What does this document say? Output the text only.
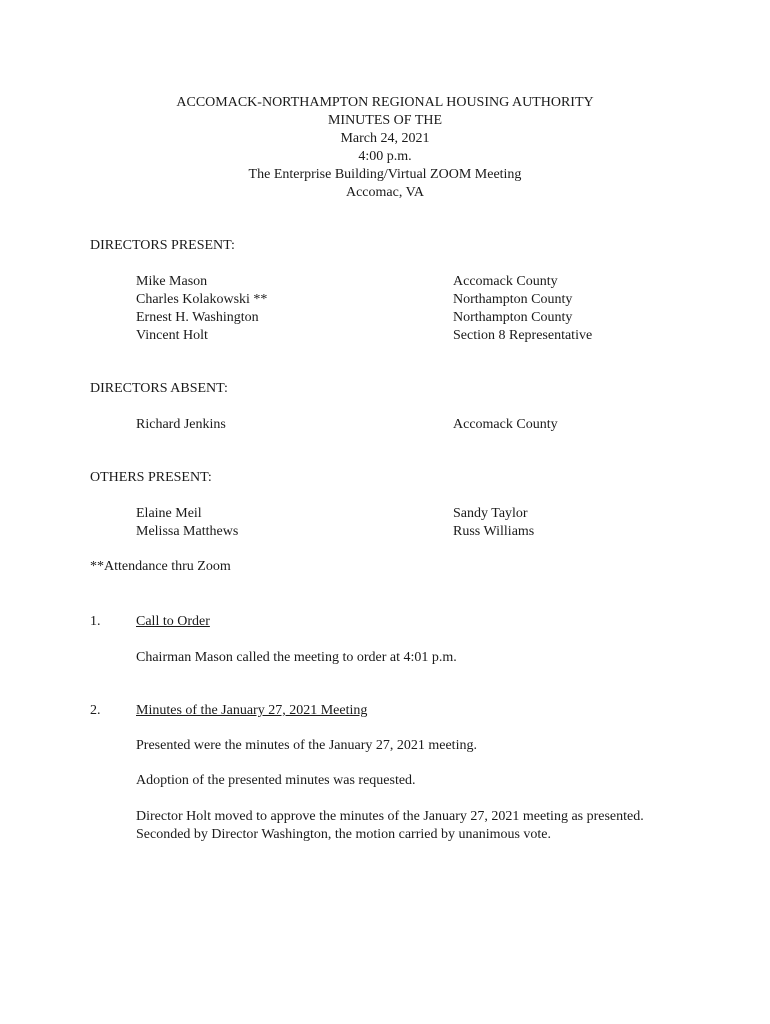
ACCOMACK-NORTHAMPTON REGIONAL HOUSING AUTHORITY
MINUTES OF THE
March 24, 2021
4:00 p.m.
The Enterprise Building/Virtual ZOOM Meeting
Accomac, VA
DIRECTORS PRESENT:
Mike Mason	Accomack County
Charles Kolakowski **	Northampton County
Ernest H. Washington	Northampton County
Vincent Holt	Section 8 Representative
DIRECTORS ABSENT:
Richard Jenkins	Accomack County
OTHERS PRESENT:
Elaine Meil	Sandy Taylor
Melissa Matthews	Russ Williams
**Attendance thru Zoom
1.	Call to Order
Chairman Mason called the meeting to order at 4:01 p.m.
2.	Minutes of the January 27, 2021 Meeting
Presented were the minutes of the January 27, 2021 meeting.
Adoption of the presented minutes was requested.
Director Holt moved to approve the minutes of the January 27, 2021 meeting as presented.
Seconded by Director Washington, the motion carried by unanimous vote.
